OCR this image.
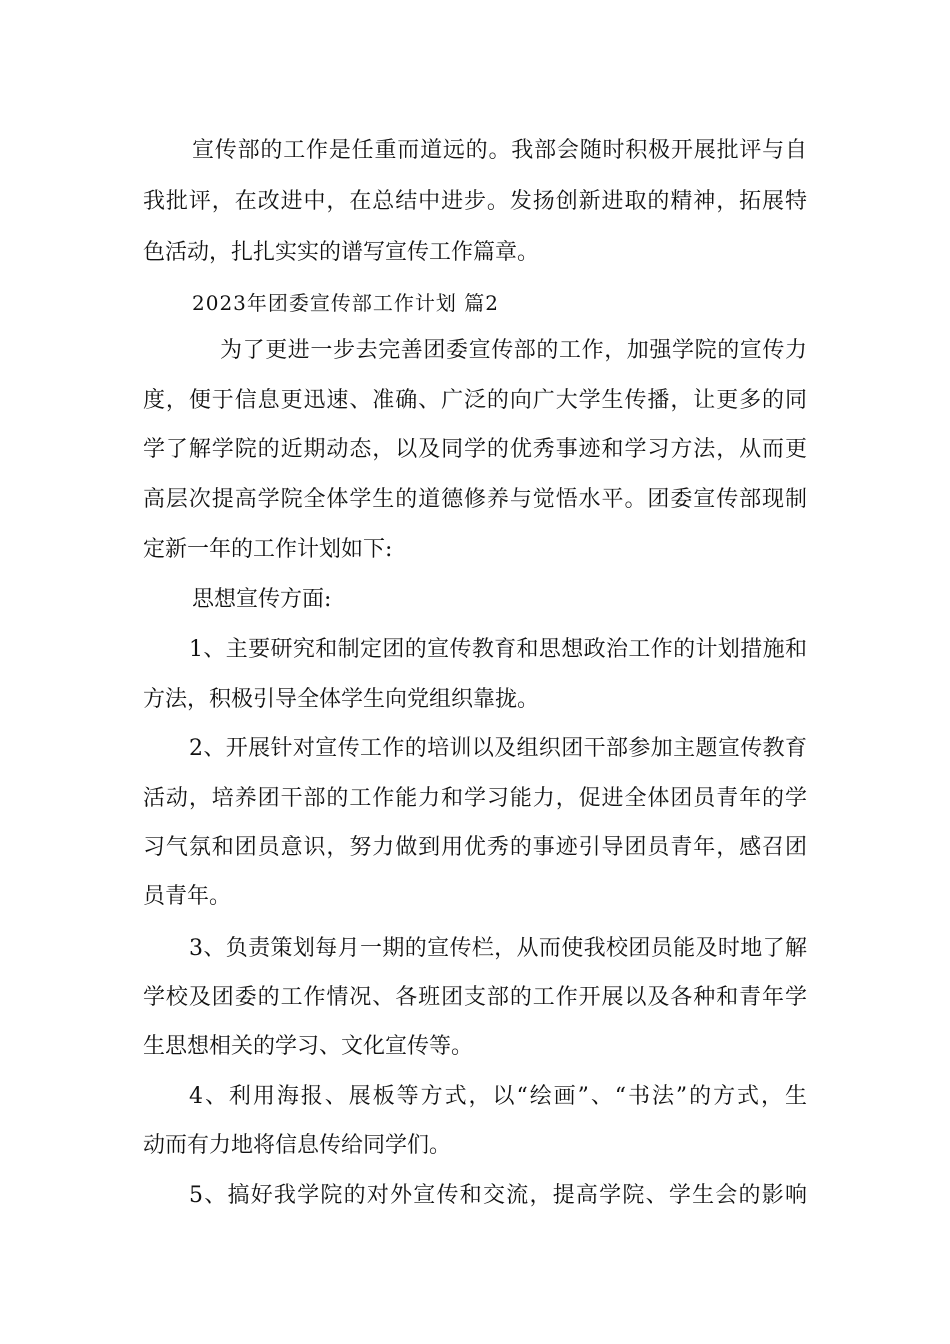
宣传部的工作是任重而道远的。我部会随时积极开展批评与自
我批评，在改进中，在总结中进步。发扬创新进取的精神，拓展特
色活动，扎扎实实的谱写宣传工作篇章。
2023年团委宣传部工作计划 篇2
为了更进一步去完善团委宣传部的工作，加强学院的宣传力
度，便于信息更迅速、准确、广泛的向广大学生传播，让更多的同
学了解学院的近期动态，以及同学的优秀事迹和学习方法，从而更
高层次提高学院全体学生的道德修养与觉悟水平。团委宣传部现制
定新一年的工作计划如下:
思想宣传方面:
1、主要研究和制定团的宣传教育和思想政治工作的计划措施和
方法，积极引导全体学生向党组织靠拢。
2、开展针对宣传工作的培训以及组织团干部参加主题宣传教育
活动，培养团干部的工作能力和学习能力，促进全体团员青年的学
习气氛和团员意识，努力做到用优秀的事迹引导团员青年，感召团
员青年。
3、负责策划每月一期的宣传栏，从而使我校团员能及时地了解
学校及团委的工作情况、各班团支部的工作开展以及各种和青年学
生思想相关的学习、文化宣传等。
4、利用海报、展板等方式，以“绘画”、“书法”的方式，生
动而有力地将信息传给同学们。
5、搞好我学院的对外宣传和交流，提高学院、学生会的影响
